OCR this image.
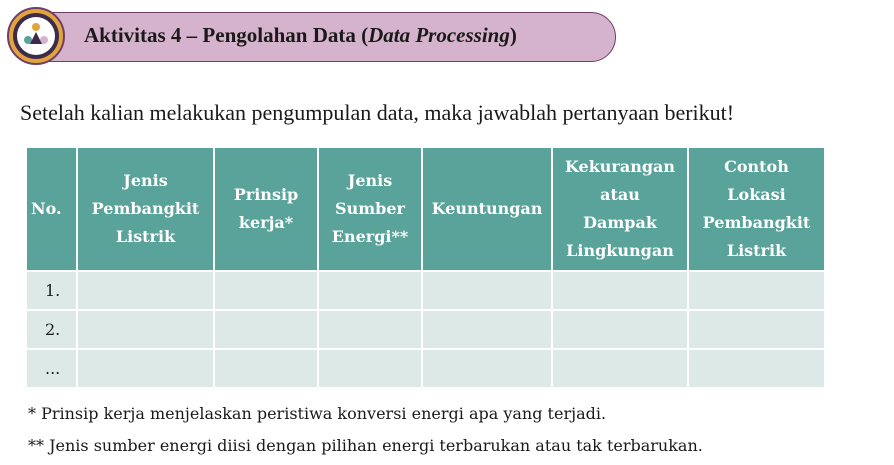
Aktivitas 4 – Pengolahan Data (Data Processing)
Setelah kalian melakukan pengumpulan data, maka jawablah pertanyaan berikut!
No.	Jenis
Pembangkit
Listrik	Prinsip
kerja*	Jenis
Sumber
Energi**	Keuntungan	Kekurangan
atau
Dampak
Lingkungan	Contoh
Lokasi
Pembangkit
Listrik
1.						
2.						
...						
* Prinsip kerja menjelaskan peristiwa konversi energi apa yang terjadi.
** Jenis sumber energi diisi dengan pilihan energi terbarukan atau tak terbarukan.
